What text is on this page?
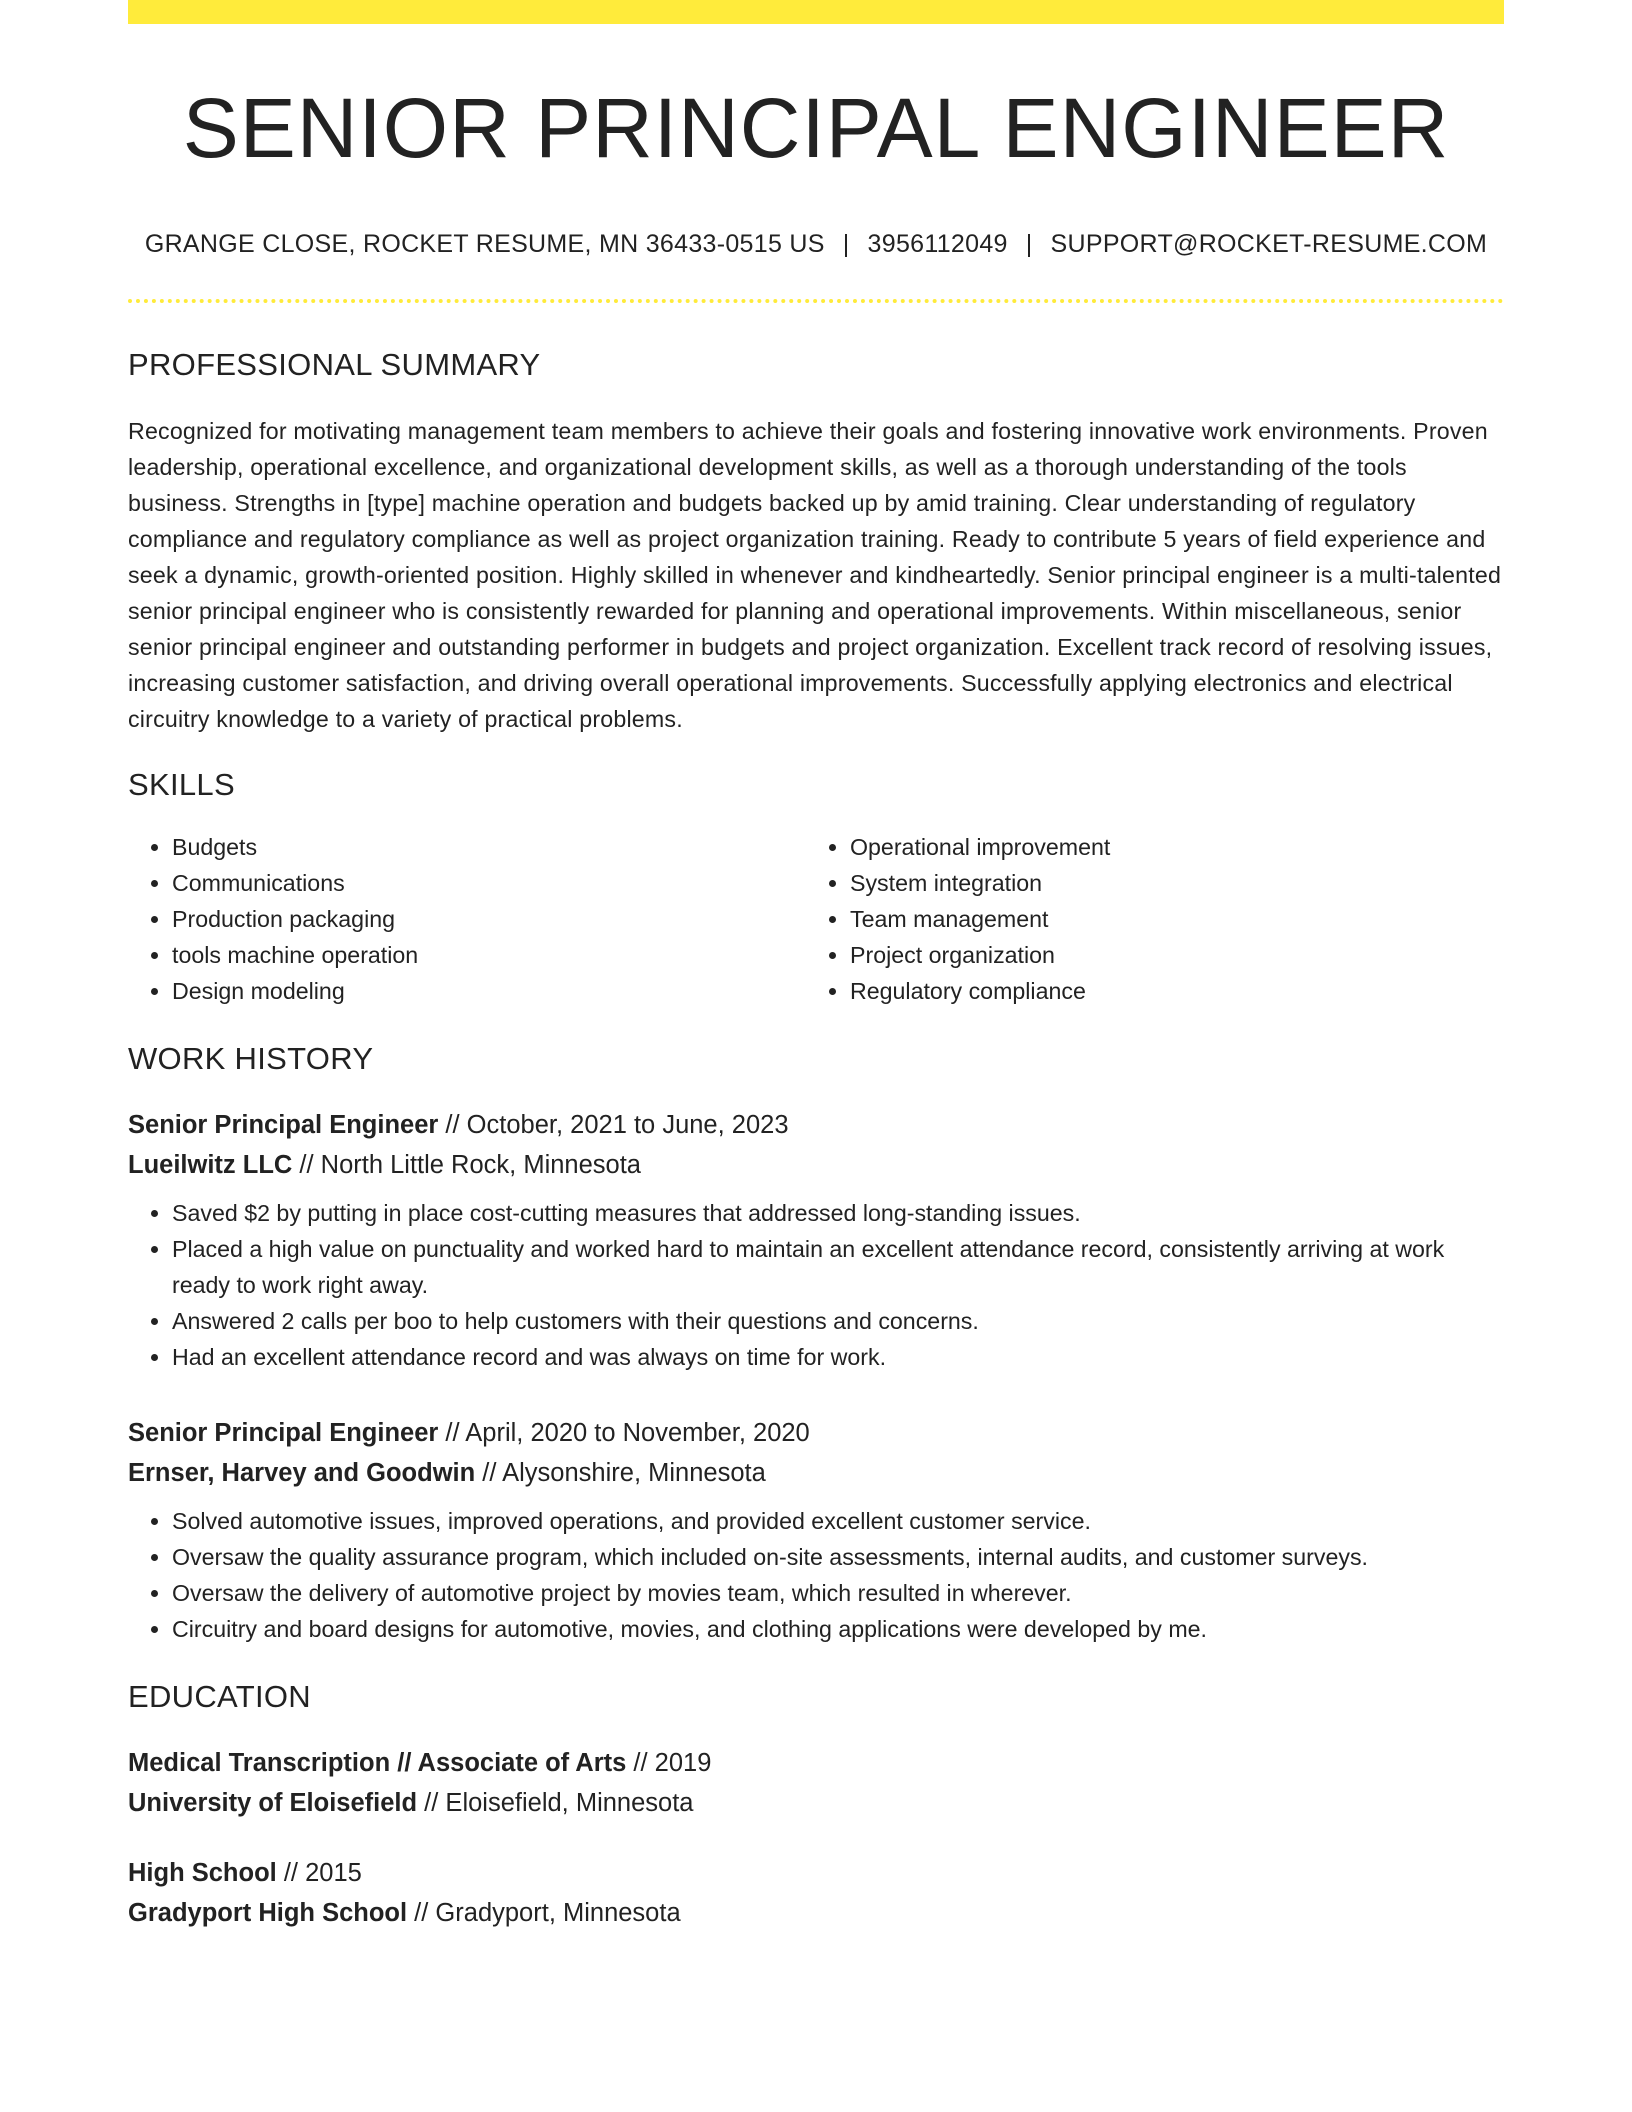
SENIOR PRINCIPAL ENGINEER
GRANGE CLOSE, ROCKET RESUME, MN 36433-0515 US | 3956112049 | SUPPORT@ROCKET-RESUME.COM
PROFESSIONAL SUMMARY
Recognized for motivating management team members to achieve their goals and fostering innovative work environments. Proven leadership, operational excellence, and organizational development skills, as well as a thorough understanding of the tools business. Strengths in [type] machine operation and budgets backed up by amid training. Clear understanding of regulatory compliance and regulatory compliance as well as project organization training. Ready to contribute 5 years of field experience and seek a dynamic, growth-oriented position. Highly skilled in whenever and kindheartedly. Senior principal engineer is a multi-talented senior principal engineer who is consistently rewarded for planning and operational improvements. Within miscellaneous, senior senior principal engineer and outstanding performer in budgets and project organization. Excellent track record of resolving issues, increasing customer satisfaction, and driving overall operational improvements. Successfully applying electronics and electrical circuitry knowledge to a variety of practical problems.
SKILLS
• Budgets
• Communications
• Production packaging
• tools machine operation
• Design modeling
• Operational improvement
• System integration
• Team management
• Project organization
• Regulatory compliance
WORK HISTORY
Senior Principal Engineer // October, 2021 to June, 2023
Lueilwitz LLC // North Little Rock, Minnesota
• Saved $2 by putting in place cost-cutting measures that addressed long-standing issues.
• Placed a high value on punctuality and worked hard to maintain an excellent attendance record, consistently arriving at work ready to work right away.
• Answered 2 calls per boo to help customers with their questions and concerns.
• Had an excellent attendance record and was always on time for work.
Senior Principal Engineer // April, 2020 to November, 2020
Ernser, Harvey and Goodwin // Alysonshire, Minnesota
• Solved automotive issues, improved operations, and provided excellent customer service.
• Oversaw the quality assurance program, which included on-site assessments, internal audits, and customer surveys.
• Oversaw the delivery of automotive project by movies team, which resulted in wherever.
• Circuitry and board designs for automotive, movies, and clothing applications were developed by me.
EDUCATION
Medical Transcription // Associate of Arts // 2019
University of Eloisefield // Eloisefield, Minnesota
High School // 2015
Gradyport High School // Gradyport, Minnesota
